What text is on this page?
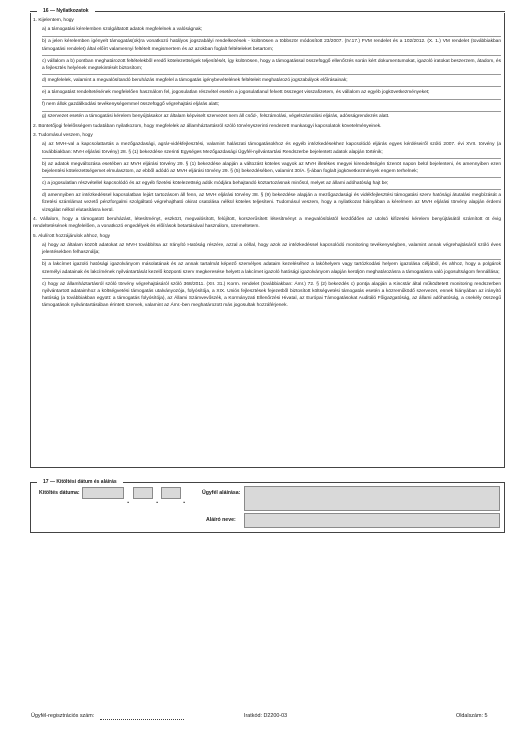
16 — Nyilatkozatok

1. Kijelentem, hogy

a) a támogatási kérelemben szolgáltatott adatok megfelelnek a valóságnak;

b) a jelen kérelemben igényelt támogatás(ok)ra vonatkozó hatályos jogszabályi rendelkezések - különösen a többször módosított 23/2007. (IV.17.) FVM rendelet és a 102/2012. (X. 1.) VM rendelet (továbbiakban támogatási rendelet) által előírt valamennyi feltételt megismertem és az azokban foglalt feltételeket betartom;

c) vállalom a b) pontban meghatározott feltételekből eredő kötelezettségek teljesítését, így különösen, hogy a támogatással összefüggő ellenőrzés során kért dokumentumokat, igazoló iratokat beszerzem, átadom, és a fejlesztés helyének megtekintését biztosítom;

d) megfelelek, valamint a megvalósítandó beruházás megfelel a támogatás igénybevételének feltételeit meghatározó jogszabályok előírásainak;

e) a támogatást rendeltetésének megfelelően használom fel, jogosulatlan részvétel esetén a jogosulatlanul felvett összeget visszafizetem, és vállalom az egyéb jogkövetkezményeket;

f) nem állok gazdálkodási tevékenységemmel összefüggő végrehajtási eljárás alatt;

g) szervezet esetén a támogatási kérelem benyújtásakor az általam képviselt szervezet nem áll csőd-, felszámolási, végelszámolási eljárás, adósságrendezés alatt.

2. Büntetőjogi felelősségem tudatában nyilatkozom, hogy megfelelek az államháztartásról szóló törvényszerinti rendezett munkaügyi kapcsolatok követelményeinek.

3. Tudomásul veszem, hogy

a) az MVH-val a kapcsolattartás a mezőgazdasági, agrár-vidékfejlesztési, valamint halászati támogatásokhoz és egyéb intézkedésekhez kapcsolódó eljárás egyes kérdéseiről szóló 2007. évi XVII. törvény (a továbbiakban: MVH eljárási törvény) 28. § (1) bekezdése szerinti Egységes Mezőgazdasági Ügyfél-nyilvántartási Rendszerbe bejelentett adatok alapján történik;

b) az adatok megváltozása esetében az MVH eljárási törvény 29. § (1) bekezdése alapján a változást köteles vagyok az MVH illetékes megyei kirendeltségén tizenöt napon belül bejelenteni, és amennyiben ezen bejelentési kötelezettségemet elmulasztom, az ebből adódó az MVH eljárási törvény 29. § (5) bekezdésében, valamint 30/A. §-ában foglalt jogkövetkezmények engem terhelnek;

c) a jogosulatlan részvétellel kapcsolódó és az egyéb fizetési kötelezettség adók módjára behajtandó köztartozásnak minősül, melyet az állami adóhatóság hajt be;

d) amennyiben az intézkedéssel kapcsolatban lejárt tartozásom áll fenn, az MVH eljárási törvény 38. § (9) bekezdése alapján a mezőgazdasági és vidékfejlesztési támogatási szerv hatósági átutalási megbízását a fizetési számlámat vezető pénzforgalmi szolgáltató végrehajtható okirat csatolása nélkül köteles teljesíteni. Tudomásul veszem, hogy a nyilatkozat hiányában a kérelmem az MVH eljárási törvény alapján érdemi vizsgálat nélkül elutasításra kerül.

4. Vállalom, hogy a támogatott beruházást, létesítményt, eszközt, megvalósított, felújított, korszerűsített létesítményt a megvalósítástól kezdődően az utolsó kifizetési kérelem benyújtásától számított öt évig rendeltetésének megfelelően, a vonatkozó engedélyek és előírások betartásával használom, üzemeltetem.

5. Alulírott hozzájárulok ahhoz, hogy

a) hogy az általam közölt adatokat az MVH továbbítsa az Irányító Hatóság részére, azzal a céllal, hogy azok az intézkedéssel kapcsolódó monitoring tevékenységben, valamint annak végrehajtásáról szóló éves jelentésekben felhasználja;

b) a lakcímet igazoló hatósági igazolványom másolatának és az annak tartalmát képező személyes adataim kezeléséhez a lakóhelyem vagy tartózkodási helyem igazolása céljából, és ahhoz, hogy a polgárok személyi adatainak és lakcímének nyilvántartását kezelő központi szerv megkeresése helyett a lakcímet igazoló hatósági igazolványom alapján kerüljön meghatározásra a támogatásra való jogosultságom fennállása;

c) hogy az államháztartásról szóló törvény végrehajtásáról szóló 368/2011. (XII. 31.) Korm. rendelet (továbbiakban: Ámr.) 72. § (2) bekezdés c) pontja alapján a Kincstár által működtetett monitoring rendszerben nyilvántartott adataimhoz a költségvetési támogatás utalványozója, folyósítója, a XIX. Uniós fejlesztések fejezetből biztosított költségvetési támogatás esetén a közreműködő szervezet, ennek hiányában az irányító hatóság (a továbbiakban együtt: a támogatás folyósítója), az Állami Számvevőszék, a Kormányzati Ellenőrzési Hivatal, az Európai Támogatásokat Auditáló Főigazgatóság, az állami adóhatóság, a csekély összegű támogatások nyilvántartásában érintett szervek, valamint az Ámr.-ben meghatározott más jogosultak hozzáférjenek.

17 — Kitöltési dátum és aláírás
Kitöltés dátuma:
.	.	.
Ügyfél aláírása:
Aláíró neve:
Ügyfél-regisztrációs szám:	Iratkód: D2200-03	Oldalszám: 5
